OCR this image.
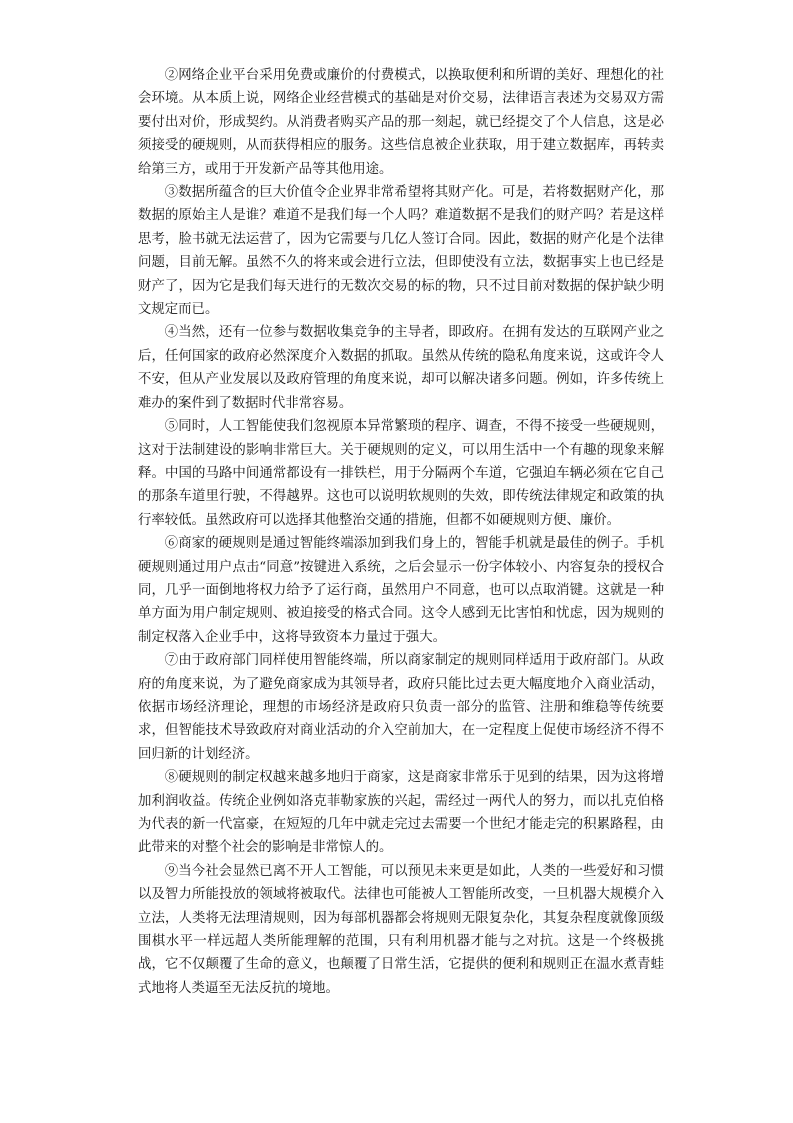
②网络企业平台采用免费或廉价的付费模式，以换取便利和所谓的美好、理想化的社会环境。从本质上说，网络企业经营模式的基础是对价交易，法律语言表述为交易双方需要付出对价，形成契约。从消费者购买产品的那一刻起，就已经提交了个人信息，这是必须接受的硬规则，从而获得相应的服务。这些信息被企业获取，用于建立数据库，再转卖给第三方，或用于开发新产品等其他用途。

③数据所蕴含的巨大价值令企业界非常希望将其财产化。可是，若将数据财产化，那数据的原始主人是谁？难道不是我们每一个人吗？难道数据不是我们的财产吗？若是这样思考，脸书就无法运营了，因为它需要与几亿人签订合同。因此，数据的财产化是个法律问题，目前无解。虽然不久的将来或会进行立法，但即使没有立法，数据事实上也已经是财产了，因为它是我们每天进行的无数次交易的标的物，只不过目前对数据的保护缺少明文规定而已。

④当然，还有一位参与数据收集竞争的主导者，即政府。在拥有发达的互联网产业之后，任何国家的政府必然深度介入数据的抓取。虽然从传统的隐私角度来说，这或许令人不安，但从产业发展以及政府管理的角度来说，却可以解决诸多问题。例如，许多传统上难办的案件到了数据时代非常容易。

⑤同时，人工智能使我们忽视原本异常繁琐的程序、调查，不得不接受一些硬规则，这对于法制建设的影响非常巨大。关于硬规则的定义，可以用生活中一个有趣的现象来解释。中国的马路中间通常都设有一排铁栏，用于分隔两个车道，它强迫车辆必须在它自己的那条车道里行驶，不得越界。这也可以说明软规则的失效，即传统法律规定和政策的执行率较低。虽然政府可以选择其他整治交通的措施，但都不如硬规则方便、廉价。

⑥商家的硬规则是通过智能终端添加到我们身上的，智能手机就是最佳的例子。手机硬规则通过用户点击“同意”按键进入系统，之后会显示一份字体较小、内容复杂的授权合同，几乎一面倒地将权力给予了运行商，虽然用户不同意，也可以点取消键。这就是一种单方面为用户制定规则、被迫接受的格式合同。这令人感到无比害怕和忧虑，因为规则的制定权落入企业手中，这将导致资本力量过于强大。

⑦由于政府部门同样使用智能终端，所以商家制定的规则同样适用于政府部门。从政府的角度来说，为了避免商家成为其领导者，政府只能比过去更大幅度地介入商业活动，依据市场经济理论，理想的市场经济是政府只负责一部分的监管、注册和维稳等传统要求，但智能技术导致政府对商业活动的介入空前加大，在一定程度上促使市场经济不得不回归新的计划经济。

⑧硬规则的制定权越来越多地归于商家，这是商家非常乐于见到的结果，因为这将增加利润收益。传统企业例如洛克菲勒家族的兴起，需经过一两代人的努力，而以扎克伯格为代表的新一代富豪，在短短的几年中就走完过去需要一个世纪才能走完的积累路程，由此带来的对整个社会的影响是非常惊人的。

⑨当今社会显然已离不开人工智能，可以预见未来更是如此，人类的一些爱好和习惯以及智力所能投放的领域将被取代。法律也可能被人工智能所改变，一旦机器大规模介入立法，人类将无法理清规则，因为每部机器都会将规则无限复杂化，其复杂程度就像顶级围棋水平一样远超人类所能理解的范围，只有利用机器才能与之对抗。这是一个终极挑战，它不仅颠覆了生命的意义，也颠覆了日常生活，它提供的便利和规则正在温水煮青蛙式地将人类逼至无法反抗的境地。
